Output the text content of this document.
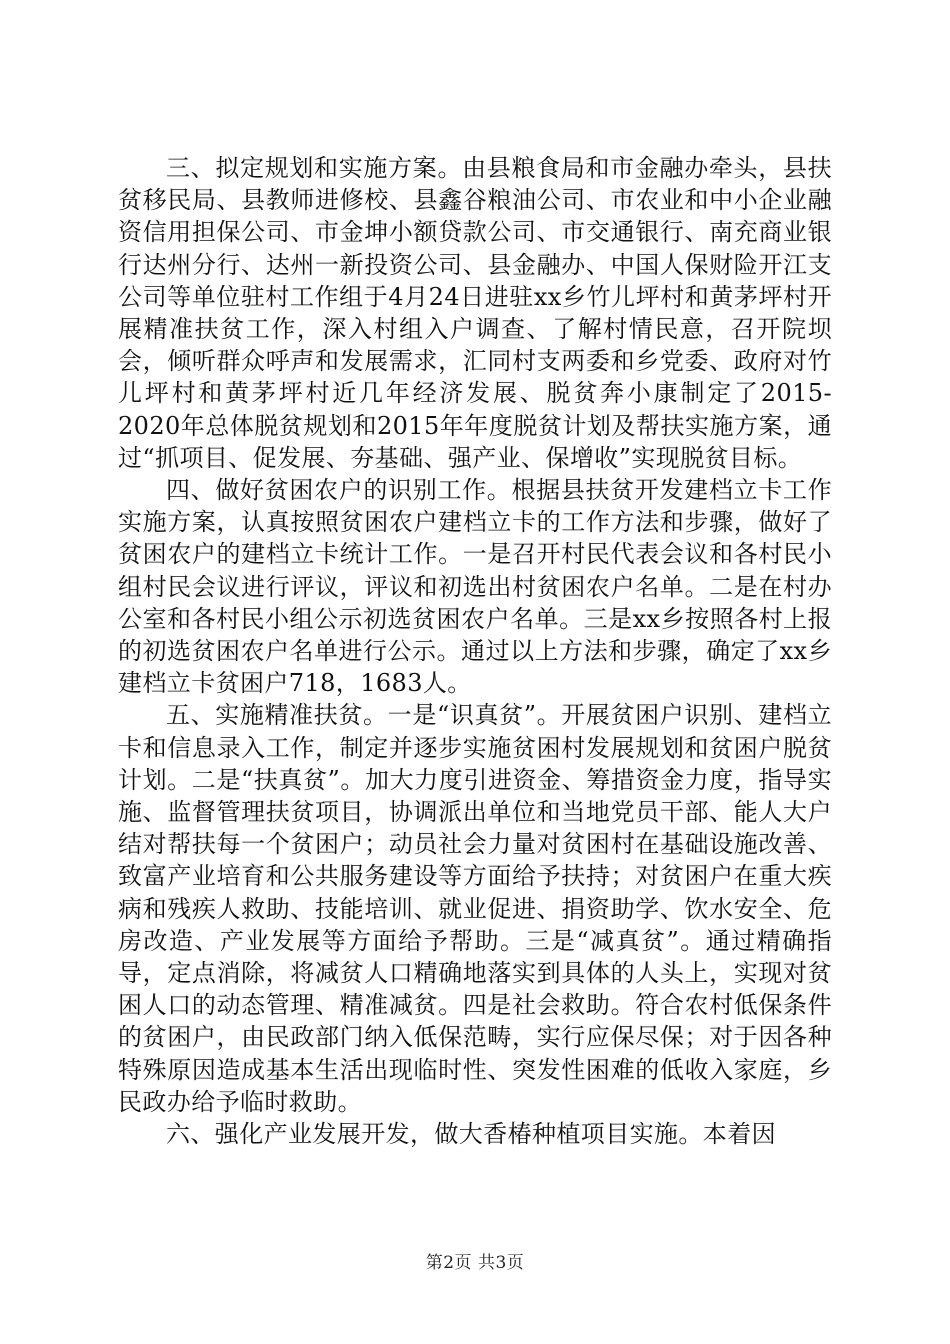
三、拟定规划和实施方案。由县粮食局和市金融办牵头，县扶贫移民局、县教师进修校、县鑫谷粮油公司、市农业和中小企业融资信用担保公司、市金坤小额贷款公司、市交通银行、南充商业银行达州分行、达州一新投资公司、县金融办、中国人保财险开江支公司等单位驻村工作组于4月24日进驻xx乡竹儿坪村和黄茅坪村开展精准扶贫工作，深入村组入户调查、了解村情民意，召开院坝会，倾听群众呼声和发展需求，汇同村支两委和乡党委、政府对竹儿坪村和黄茅坪村近几年经济发展、脱贫奔小康制定了2015-2020年总体脱贫规划和2015年年度脱贫计划及帮扶实施方案，通过“抓项目、促发展、夯基础、强产业、保增收”实现脱贫目标。

四、做好贫困农户的识别工作。根据县扶贫开发建档立卡工作实施方案，认真按照贫困农户建档立卡的工作方法和步骤，做好了贫困农户的建档立卡统计工作。一是召开村民代表会议和各村民小组村民会议进行评议，评议和初选出村贫困农户名单。二是在村办公室和各村民小组公示初选贫困农户名单。三是xx乡按照各村上报的初选贫困农户名单进行公示。通过以上方法和步骤，确定了xx乡建档立卡贫困户718，1683人。

五、实施精准扶贫。一是“识真贫”。开展贫困户识别、建档立卡和信息录入工作，制定并逐步实施贫困村发展规划和贫困户脱贫计划。二是“扶真贫”。加大力度引进资金、筹措资金力度，指导实施、监督管理扶贫项目，协调派出单位和当地党员干部、能人大户结对帮扶每一个贫困户；动员社会力量对贫困村在基础设施改善、致富产业培育和公共服务建设等方面给予扶持；对贫困户在重大疾病和残疾人救助、技能培训、就业促进、捐资助学、饮水安全、危房改造、产业发展等方面给予帮助。三是“减真贫”。通过精确指导，定点消除，将减贫人口精确地落实到具体的人头上，实现对贫困人口的动态管理、精准减贫。四是社会救助。符合农村低保条件的贫困户，由民政部门纳入低保范畴，实行应保尽保；对于因各种特殊原因造成基本生活出现临时性、突发性困难的低收入家庭，乡民政办给予临时救助。

六、强化产业发展开发，做大香椿种植项目实施。本着因

第2页 共3页
